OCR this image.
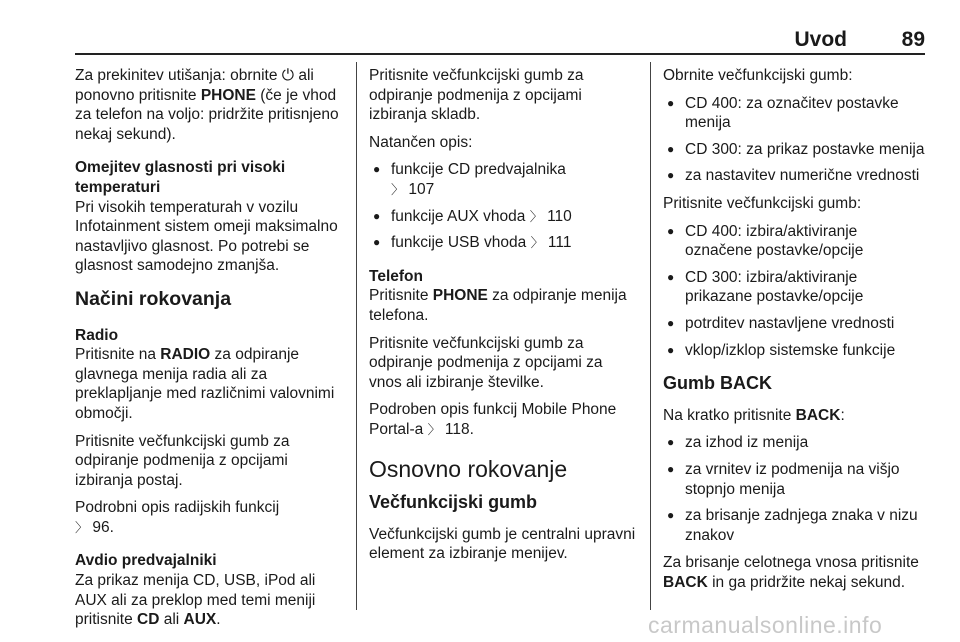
Uvod	89

Za prekinitev utišanja: obrnite ⏻ ali ponovno pritisnite PHONE (če je vhod za telefon na voljo: pridržite pritisnjeno nekaj sekund).

Omejitev glasnosti pri visoki temperaturi

Pri visokih temperaturah v vozilu Infotainment sistem omeji maksimalno nastavljivo glasnost. Po potrebi se glasnost samodejno zmanjša.

Načini rokovanja
Radio

Pritisnite na RADIO za odpiranje glavnega menija radia ali za preklapljanje med različnimi valovnimi območji.

Pritisnite večfunkcijski gumb za odpiranje podmenija z opcijami izbiranja postaj.

Podrobni opis radijskih funkcij
〉 96.

Avdio predvajalniki

Za prikaz menija CD, USB, iPod ali AUX ali za preklop med temi meniji pritisnite CD ali AUX.

Pritisnite večfunkcijski gumb za odpiranje podmenija z opcijami izbiranja skladb.

Natančen opis:

● funkcije CD predvajalnika
〉 107
● funkcije AUX vhoda 〉 110
● funkcije USB vhoda 〉 111
Telefon

Pritisnite PHONE za odpiranje menija telefona.

Pritisnite večfunkcijski gumb za odpiranje podmenija z opcijami za vnos ali izbiranje številke.

Podroben opis funkcij Mobile Phone Portal-a 〉 118.

Osnovno rokovanje
Večfunkcijski gumb

Večfunkcijski gumb je centralni upravni element za izbiranje menijev.

Obrnite večfunkcijski gumb:

● CD 400: za označitev postavke menija
● CD 300: za prikaz postavke menija
● za nastavitev numerične vrednosti

Pritisnite večfunkcijski gumb:

● CD 400: izbira/aktiviranje označene postavke/opcije
● CD 300: izbira/aktiviranje prikazane postavke/opcije
● potrditev nastavljene vrednosti
● vklop/izklop sistemske funkcije
Gumb BACK

Na kratko pritisnite BACK:

● za izhod iz menija
● za vrnitev iz podmenija na višjo stopnjo menija
● za brisanje zadnjega znaka v nizu znakov

Za brisanje celotnega vnosa pritisnite BACK in ga pridržite nekaj sekund.

carmanualsonline.info
